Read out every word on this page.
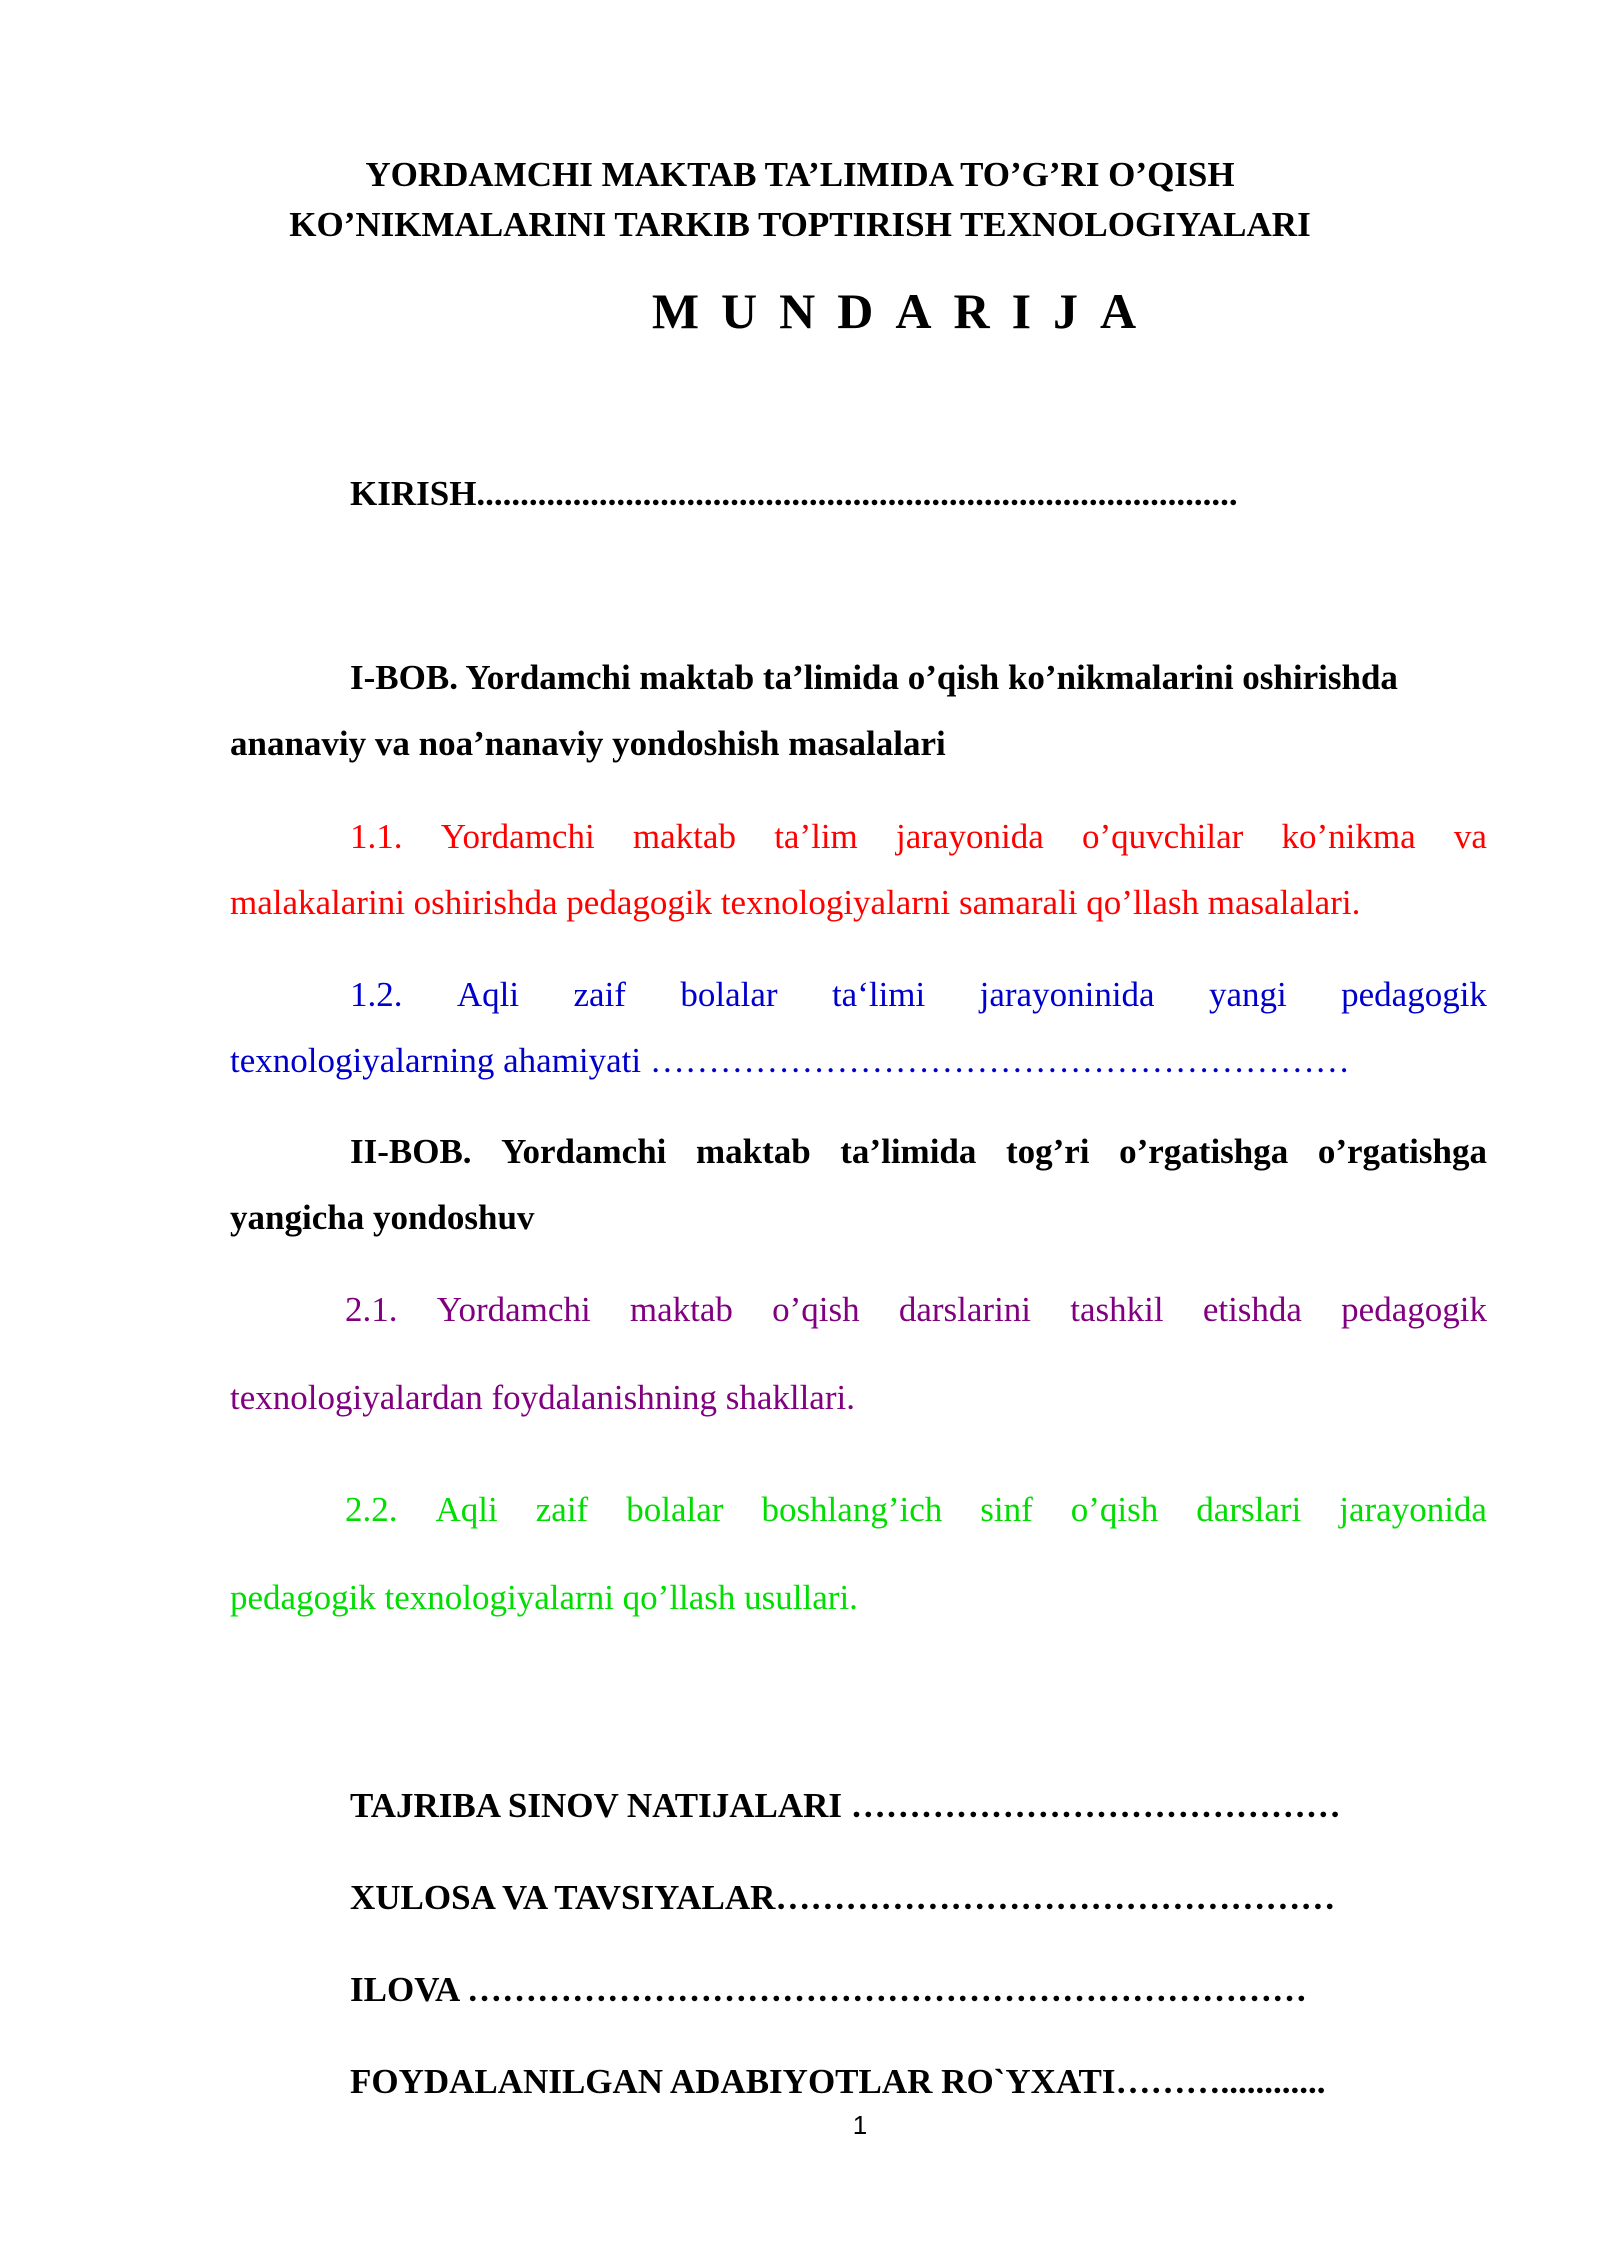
YORDAMCHI MAKTAB TA’LIMIDA TO’G’RI O’QISH
KO’NIKMALARINI TARKIB TOPTIRISH TEXNOLOGIYALARI
MUNDARIJA
KIRISH.......................................................................................
I-BOB. Yordamchi maktab ta’limida o’qish ko’nikmalarini oshirishda
ananaviy va noa’nanaviy yondoshish masalalari
1.1. Yordamchi maktab ta’lim jarayonida o’quvchilar ko’nikma va
malakalarini oshirishda pedagogik texnologiyalarni samarali qo’llash masalalari.
1.2. Aqli zaif bolalar ta‘limi jarayoninida yangi pedagogik
texnologiyalarning ahamiyati ……………………………………………………
II-BOB. Yordamchi maktab ta’limida tog’ri o’rgatishga o’rgatishga
yangicha yondoshuv
2.1. Yordamchi maktab o’qish darslarini tashkil etishda pedagogik
texnologiyalardan foydalanishning shakllari.
2.2. Aqli zaif bolalar boshlang’ich sinf o’qish darslari jarayonida
pedagogik texnologiyalarni qo’llash usullari.
TAJRIBA SINOV NATIJALARI ……………………………………
XULOSA VA TAVSIYALAR…………………………………………
ILOVA ………………………………………………………………
FOYDALANILGAN ADABIYOTLAR RO`YXATI………............
1
